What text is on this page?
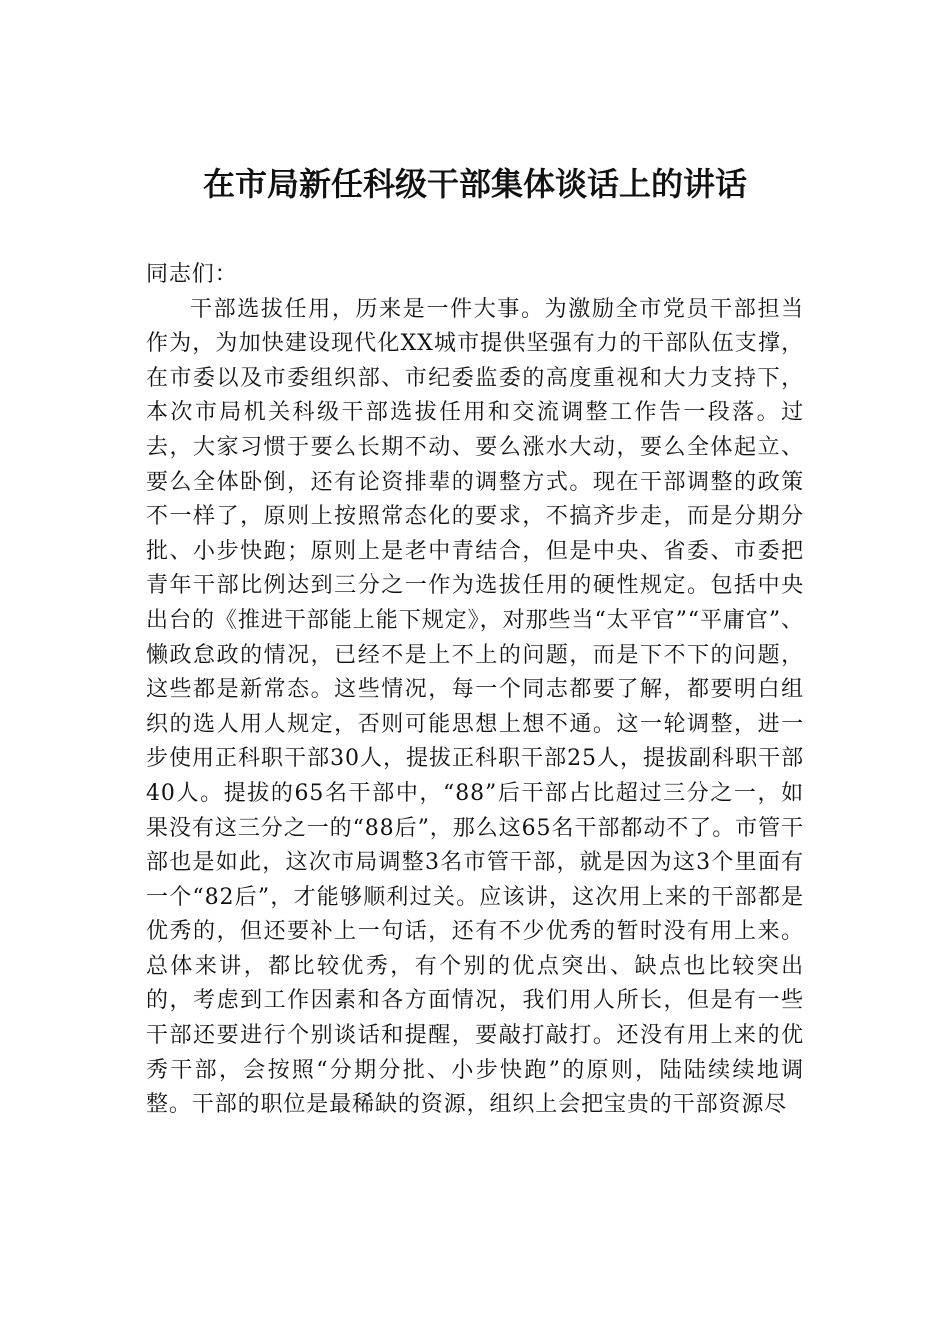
在市局新任科级干部集体谈话上的讲话

同志们：

干部选拔任用，历来是一件大事。为激励全市党员干部担当作为，为加快建设现代化XX城市提供坚强有力的干部队伍支撑，在市委以及市委组织部、市纪委监委的高度重视和大力支持下，本次市局机关科级干部选拔任用和交流调整工作告一段落。过去，大家习惯于要么长期不动、要么涨水大动，要么全体起立、要么全体卧倒，还有论资排辈的调整方式。现在干部调整的政策不一样了，原则上按照常态化的要求，不搞齐步走，而是分期分批、小步快跑；原则上是老中青结合，但是中央、省委、市委把青年干部比例达到三分之一作为选拔任用的硬性规定。包括中央出台的《推进干部能上能下规定》，对那些当“太平官”“平庸官”、懒政怠政的情况，已经不是上不上的问题，而是下不下的问题，这些都是新常态。这些情况，每一个同志都要了解，都要明白组织的选人用人规定，否则可能思想上想不通。这一轮调整，进一步使用正科职干部30人，提拔正科职干部25人，提拔副科职干部40人。提拔的65名干部中，“88”后干部占比超过三分之一，如果没有这三分之一的“88后”，那么这65名干部都动不了。市管干部也是如此，这次市局调整3名市管干部，就是因为这3个里面有一个“82后”，才能够顺利过关。应该讲，这次用上来的干部都是优秀的，但还要补上一句话，还有不少优秀的暂时没有用上来。总体来讲，都比较优秀，有个别的优点突出、缺点也比较突出的，考虑到工作因素和各方面情况，我们用人所长，但是有一些干部还要进行个别谈话和提醒，要敲打敲打。还没有用上来的优秀干部，会按照“分期分批、小步快跑”的原则，陆陆续续地调整。干部的职位是最稀缺的资源，组织上会把宝贵的干部资源尽
